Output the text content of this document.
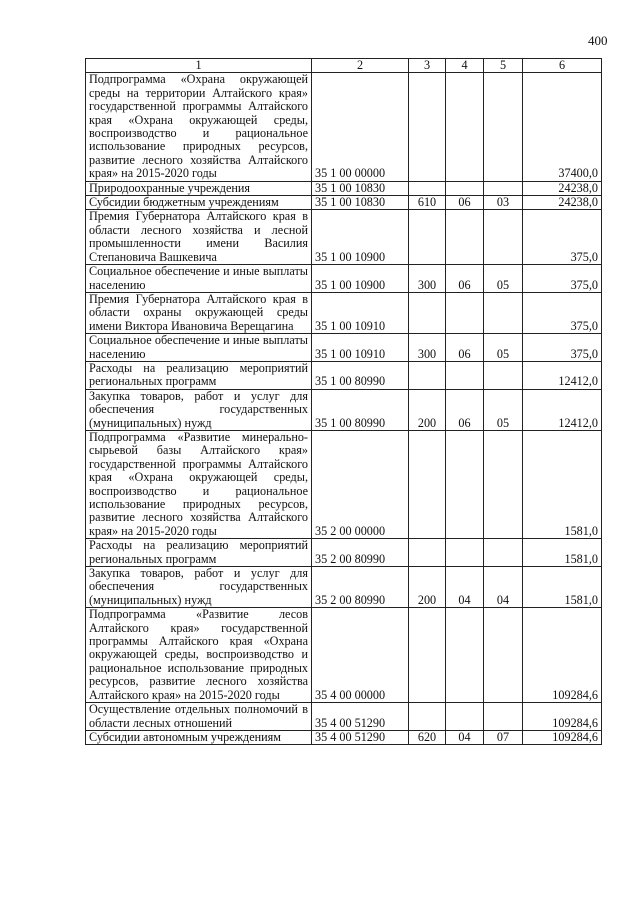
400
1	2	3	4	5	6
Подпрограмма «Охрана окружающей среды на территории Алтайского края» государственной программы Алтайского края «Охрана окружающей среды, воспроизводство и рациональное использование природных ресурсов, развитие лесного хозяйства Алтайского края» на 2015-2020 годы	35 1 00 00000				37400,0
Природоохранные учреждения	35 1 00 10830				24238,0
Субсидии бюджетным учреждениям	35 1 00 10830	610	06	03	24238,0
Премия Губернатора Алтайского края в области лесного хозяйства и лесной промышленности имени Василия Степановича Вашкевича	35 1 00 10900				375,0
Социальное обеспечение и иные выплаты населению	35 1 00 10900	300	06	05	375,0
Премия Губернатора Алтайского края в области охраны окружающей среды имени Виктора Ивановича Верещагина	35 1 00 10910				375,0
Социальное обеспечение и иные выплаты населению	35 1 00 10910	300	06	05	375,0
Расходы на реализацию мероприятий региональных программ	35 1 00 80990				12412,0
Закупка товаров, работ и услуг для обеспечения государственных (муниципальных) нужд	35 1 00 80990	200	06	05	12412,0
Подпрограмма «Развитие минерально-сырьевой базы Алтайского края» государственной программы Алтайского края «Охрана окружающей среды, воспроизводство и рациональное использование природных ресурсов, развитие лесного хозяйства Алтайского края» на 2015-2020 годы	35 2 00 00000				1581,0
Расходы на реализацию мероприятий региональных программ	35 2 00 80990				1581,0
Закупка товаров, работ и услуг для обеспечения государственных (муниципальных) нужд	35 2 00 80990	200	04	04	1581,0
Подпрограмма «Развитие лесов Алтайского края» государственной программы Алтайского края «Охрана окружающей среды, воспроизводство и рациональное использование природных ресурсов, развитие лесного хозяйства Алтайского края» на 2015-2020 годы	35 4 00 00000				109284,6
Осуществление отдельных полномочий в области лесных отношений	35 4 00 51290				109284,6
Субсидии автономным учреждениям	35 4 00 51290	620	04	07	109284,6
